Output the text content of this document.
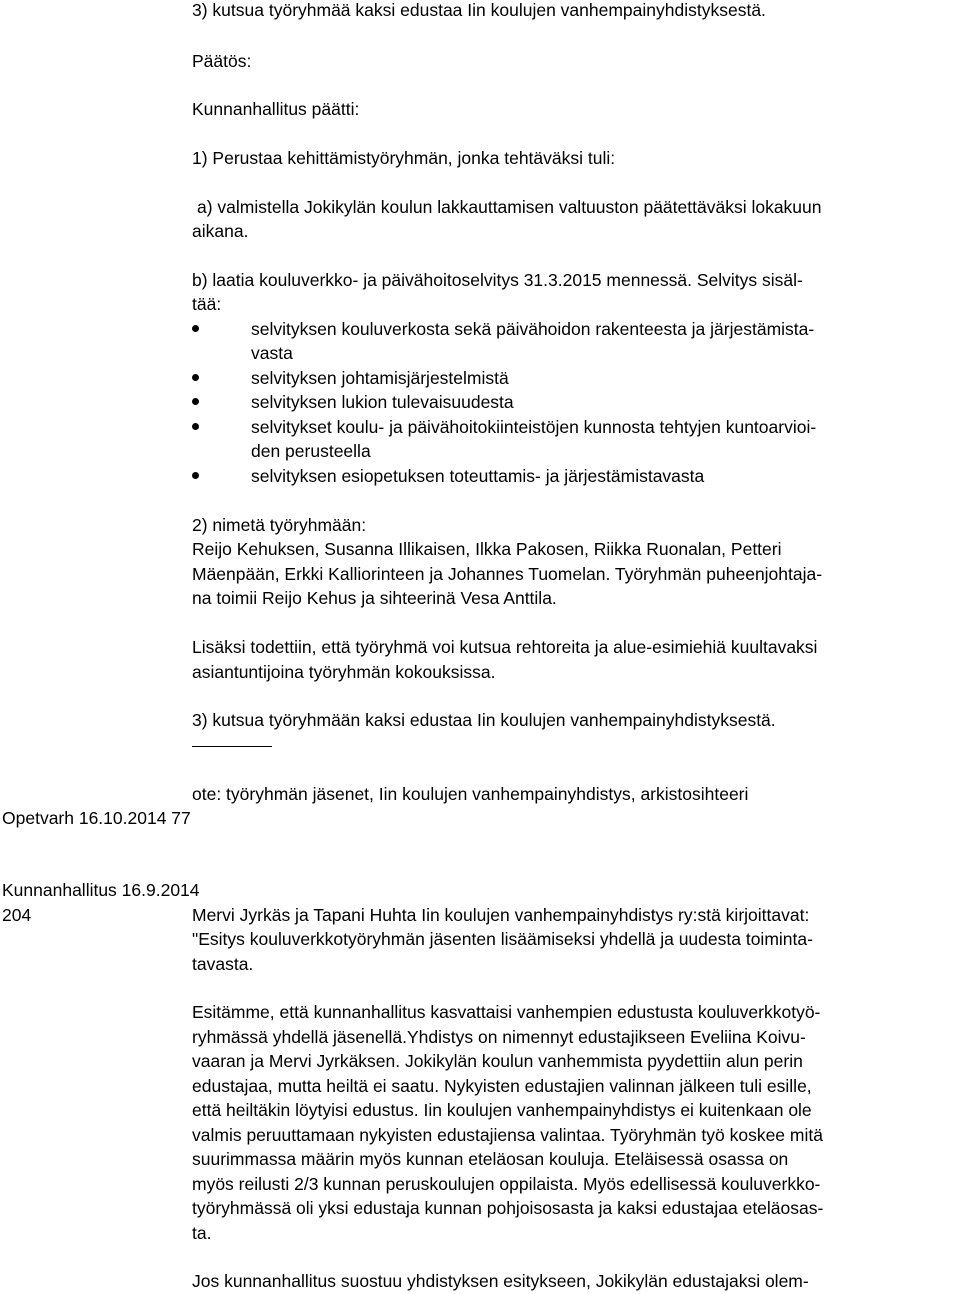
3) kutsua työryhmää kaksi edustaa Iin koulujen vanhempainyhdistyksestä.

Päätös:

Kunnanhallitus päätti:

1) Perustaa kehittämistyöryhmän, jonka tehtäväksi tuli:

a) valmistella Jokikylän koulun lakkauttamisen valtuuston päätettäväksi lokakuun

aikana.

b) laatia kouluverkko- ja päivähoitoselvitys 31.3.2015 mennessä. Selvitys sisäl-

tää:

selvityksen kouluverkosta sekä päivähoidon rakenteesta ja järjestämista-

vasta

selvityksen johtamisjärjestelmistä

selvityksen lukion tulevaisuudesta

selvitykset koulu- ja päivähoitokiinteistöjen kunnosta tehtyjen kuntoarvioi-

den perusteella

selvityksen esiopetuksen toteuttamis- ja järjestämistavasta

2) nimetä työryhmään:

Reijo Kehuksen, Susanna Illikaisen, Ilkka Pakosen, Riikka Ruonalan, Petteri

Mäenpään, Erkki Kalliorinteen ja Johannes Tuomelan. Työryhmän puheenjohtaja-

na toimii Reijo Kehus ja sihteerinä Vesa Anttila.

Lisäksi todettiin, että työryhmä voi kutsua rehtoreita ja alue-esimiehiä kuultavaksi

asiantuntijoina työryhmän kokouksissa.

3) kutsua työryhmään kaksi edustaa Iin koulujen vanhempainyhdistyksestä.

ote: työryhmän jäsenet, Iin koulujen vanhempainyhdistys, arkistosihteeri

Opetvarh 16.10.2014 77

Kunnanhallitus 16.9.2014

204	Mervi Jyrkäs ja Tapani Huhta Iin koulujen vanhempainyhdistys ry:stä kirjoittavat:

"Esitys kouluverkkotyöryhmän jäsenten lisäämiseksi yhdellä ja uudesta toiminta-

tavasta.

Esitämme, että kunnanhallitus kasvattaisi vanhempien edustusta kouluverkkotyö-

ryhmässä yhdellä jäsenellä.Yhdistys on nimennyt edustajikseen Eveliina Koivu-

vaaran ja Mervi Jyrkäksen. Jokikylän koulun vanhemmista pyydettiin alun perin

edustajaa, mutta heiltä ei saatu. Nykyisten edustajien valinnan jälkeen tuli esille,

että heiltäkin löytyisi edustus. Iin koulujen vanhempainyhdistys ei kuitenkaan ole

valmis peruuttamaan nykyisten edustajiensa valintaa. Työryhmän työ koskee mitä

suurimmassa määrin myös kunnan eteläosan kouluja. Eteläisessä osassa on

myös reilusti 2/3 kunnan peruskoulujen oppilaista. Myös edellisessä kouluverkko-

työryhmässä oli yksi edustaja kunnan pohjoisosasta ja kaksi edustajaa eteläosas-

ta.

Jos kunnanhallitus suostuu yhdistyksen esitykseen, Jokikylän edustajaksi olem-
